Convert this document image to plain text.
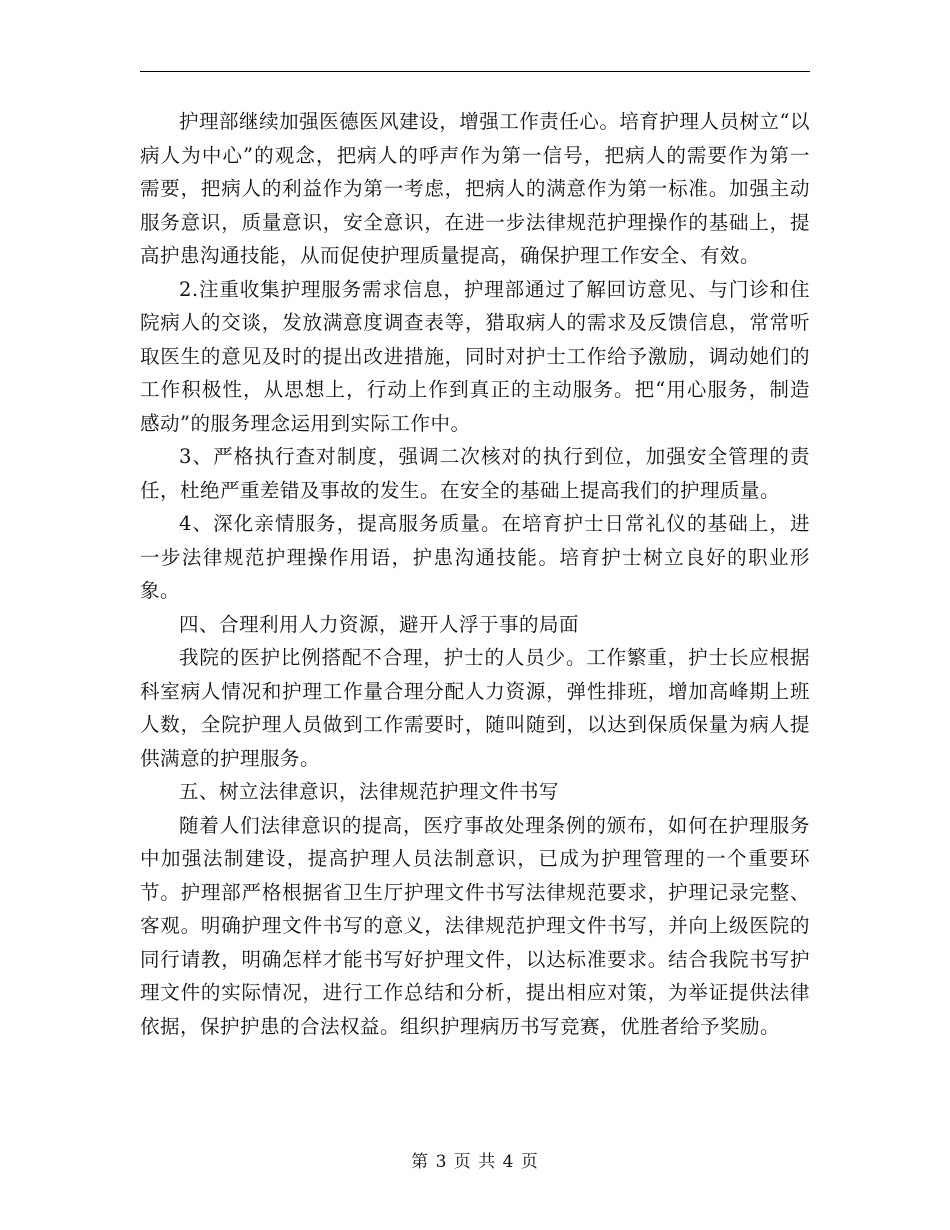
护理部继续加强医德医风建设，增强工作责任心。培育护理人员树立“以病人为中心”的观念，把病人的呼声作为第一信号，把病人的需要作为第一需要，把病人的利益作为第一考虑，把病人的满意作为第一标准。加强主动服务意识，质量意识，安全意识，在进一步法律规范护理操作的基础上，提高护患沟通技能，从而促使护理质量提高，确保护理工作安全、有效。

2.注重收集护理服务需求信息，护理部通过了解回访意见、与门诊和住院病人的交谈，发放满意度调查表等，猎取病人的需求及反馈信息，常常听取医生的意见及时的提出改进措施，同时对护士工作给予激励，调动她们的工作积极性，从思想上，行动上作到真正的主动服务。把“用心服务，制造感动”的服务理念运用到实际工作中。

3、严格执行查对制度，强调二次核对的执行到位，加强安全管理的责任，杜绝严重差错及事故的发生。在安全的基础上提高我们的护理质量。

4、深化亲情服务，提高服务质量。在培育护士日常礼仪的基础上，进一步法律规范护理操作用语，护患沟通技能。培育护士树立良好的职业形象。

四、合理利用人力资源，避开人浮于事的局面

我院的医护比例搭配不合理，护士的人员少。工作繁重，护士长应根据科室病人情况和护理工作量合理分配人力资源，弹性排班，增加高峰期上班人数，全院护理人员做到工作需要时，随叫随到，以达到保质保量为病人提供满意的护理服务。

五、树立法律意识，法律规范护理文件书写

随着人们法律意识的提高，医疗事故处理条例的颁布，如何在护理服务中加强法制建设，提高护理人员法制意识，已成为护理管理的一个重要环节。护理部严格根据省卫生厅护理文件书写法律规范要求，护理记录完整、客观。明确护理文件书写的意义，法律规范护理文件书写，并向上级医院的同行请教，明确怎样才能书写好护理文件，以达标准要求。结合我院书写护理文件的实际情况，进行工作总结和分析，提出相应对策，为举证提供法律依据，保护护患的合法权益。组织护理病历书写竞赛，优胜者给予奖励。

第 3 页 共 4 页
